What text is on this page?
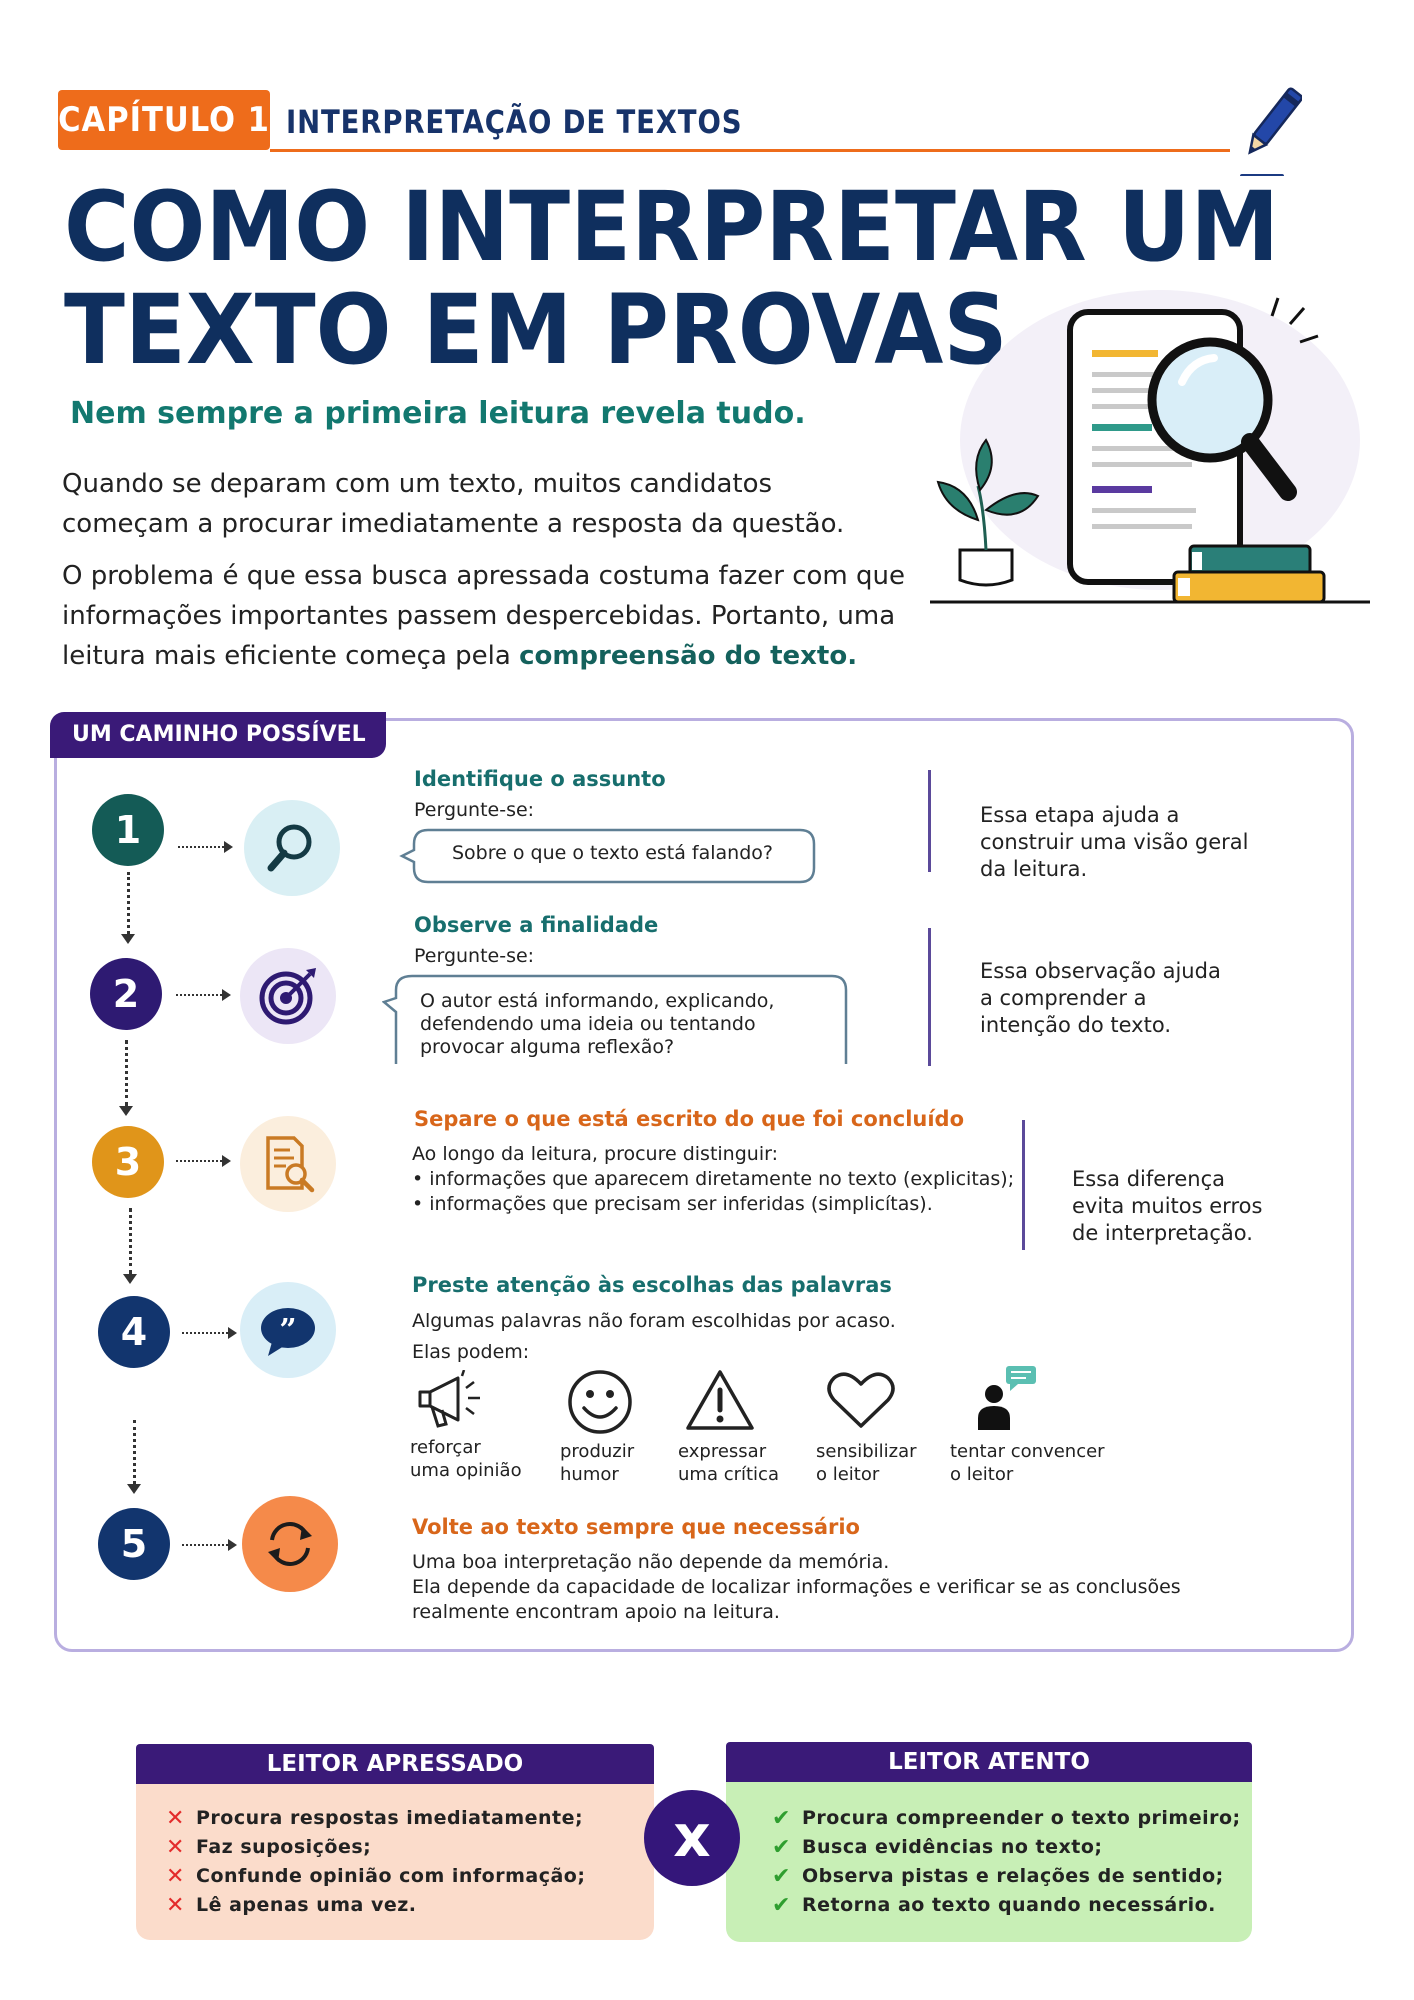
CAPÍTULO 1 INTERPRETAÇÃO DE TEXTOS
COMO INTERPRETAR UM
TEXTO EM PROVAS
Nem sempre a primeira leitura revela tudo.

Quando se deparam com um texto, muitos candidatos
começam a procurar imediatamente a resposta da questão.

O problema é que essa busca apressada costuma fazer com que
informações importantes passem despercebidas. Portanto, uma
leitura mais eficiente começa pela compreensão do texto.

UM CAMINHO POSSÍVEL
1
2
3
4
5
”
Identifique o assunto
Pergunte-se:
Sobre o que o texto está falando?
Essa etapa ajuda a
construir uma visão geral
da leitura.
Observe a finalidade
Pergunte-se:
O autor está informando, explicando,
defendendo uma ideia ou tentando
provocar alguma reflexão?
Essa observação ajuda
a comprender a
intenção do texto.
Separe o que está escrito do que foi concluído
Ao longo da leitura, procure distinguir:
• informações que aparecem diretamente no texto (explicitas);
• informações que precisam ser inferidas (simplicítas).
Essa diferença
evita muitos erros
de interpretação.
Preste atenção às escolhas das palavras
Algumas palavras não foram escolhidas por acaso.
Elas podem:
reforçar
uma opinião
produzir
humor
expressar
uma crítica
sensibilizar
o leitor
tentar convencer
o leitor
Volte ao texto sempre que necessário
Uma boa interpretação não depende da memória.
Ela depende da capacidade de localizar informações e verificar se as conclusões
realmente encontram apoio na leitura.
LEITOR APRESSADO
✕ Procura respostas imediatamente;
✕ Faz suposições;
✕ Confunde opinião com informação;
✕ Lê apenas uma vez.
LEITOR ATENTO
✔ Procura compreender o texto primeiro;
✔ Busca evidências no texto;
✔ Observa pistas e relações de sentido;
✔ Retorna ao texto quando necessário.
x
